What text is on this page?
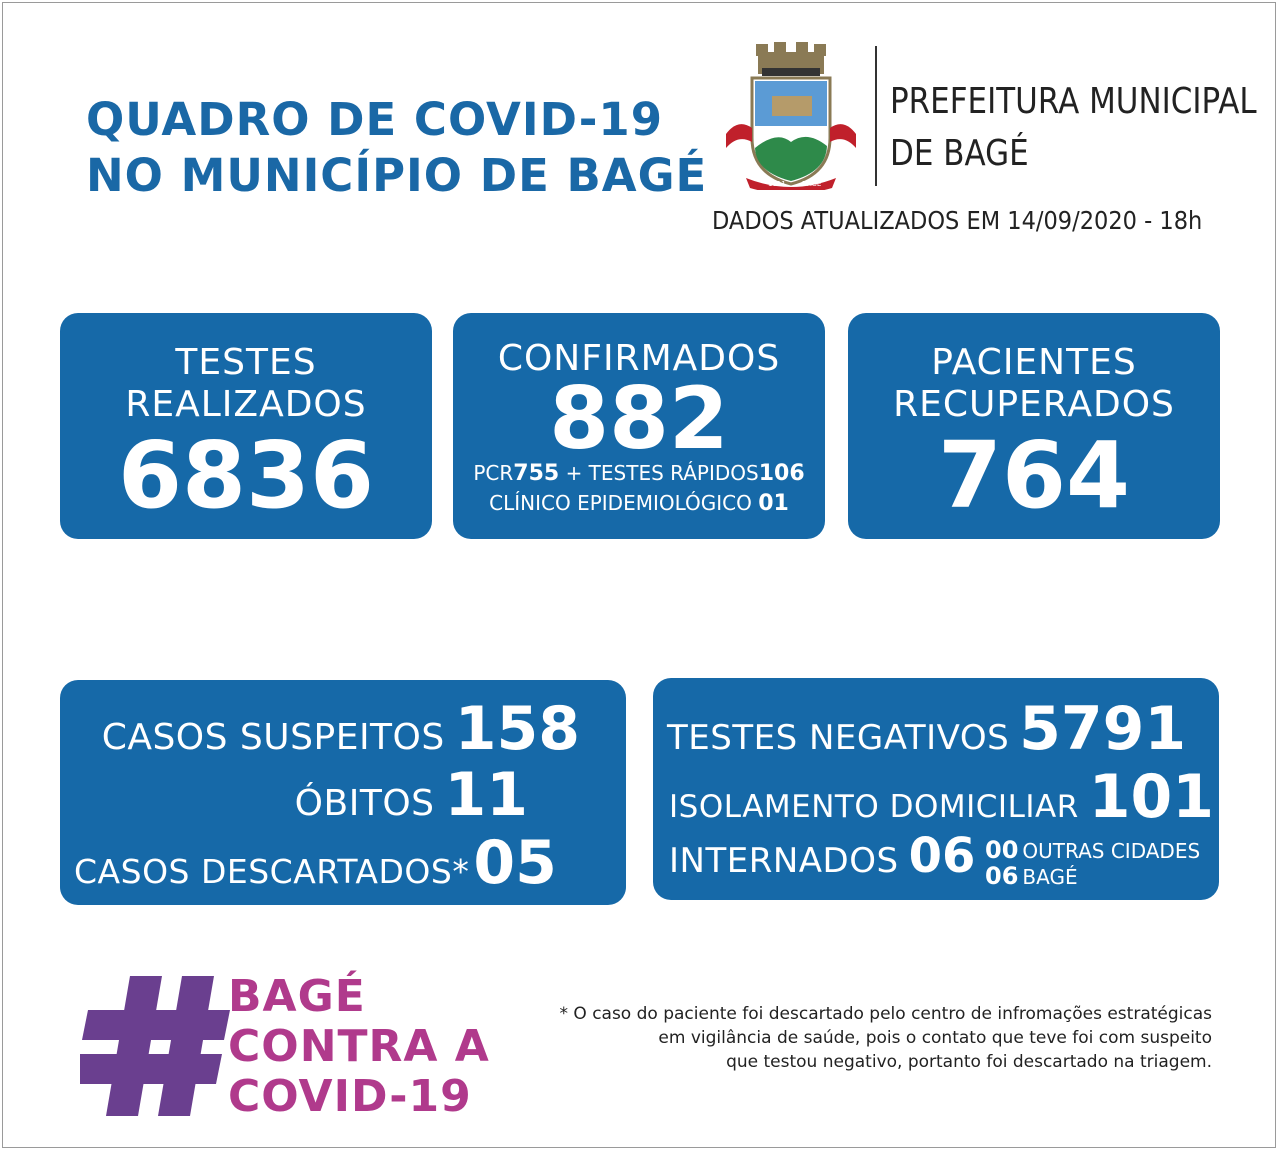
QUADRO DE COVID-19
NO MUNICÍPIO DE BAGÉ	1811 BAGÉ
PREFEITURA MUNICIPAL
DE BAGÉ
DADOS ATUALIZADOS EM 14/09/2020 - 18h
TESTES
REALIZADOS
6836
CONFIRMADOS
882
PCR755 + TESTES RÁPIDOS106
CLÍNICO EPIDEMIOLÓGICO 01
PACIENTES
RECUPERADOS
764
CASOS SUSPEITOS 158
ÓBITOS 11
CASOS DESCARTADOS*05
TESTES NEGATIVOS 5791
ISOLAMENTO DOMICILIAR 101
INTERNADOS 06 00 OUTRAS CIDADES
06 BAGÉ
BAGÉ
CONTRA A
COVID-19
* O caso do paciente foi descartado pelo centro de infromações estratégicas
em vigilância de saúde, pois o contato que teve foi com suspeito
que testou negativo, portanto foi descartado na triagem.
